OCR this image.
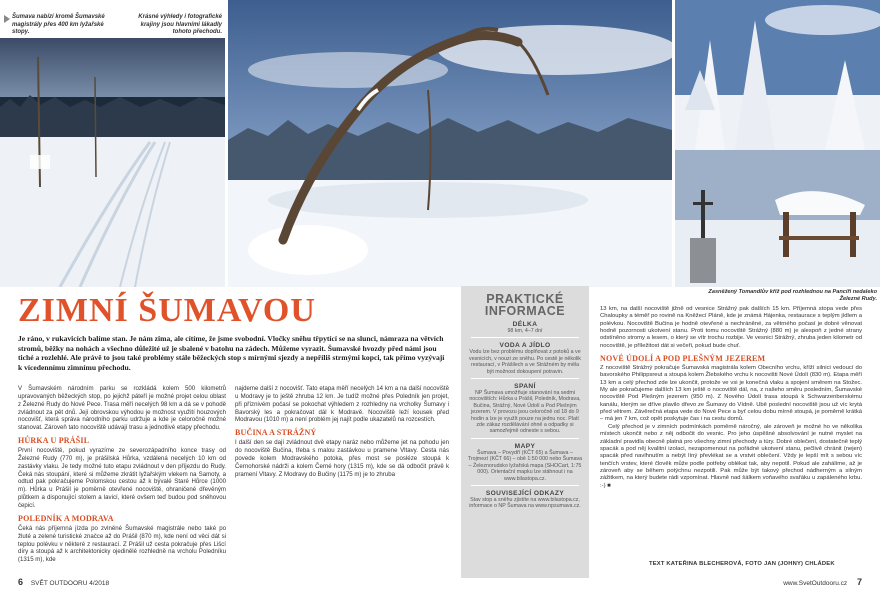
Šumava nabízí kromě Šumavské magistrály přes 400 km lyžařské stopy.
Krásné výhledy i fotografické krajiny jsou hlavními lákadly tohoto přechodu.
Zasněžený Tomandlův kříž pod rozhlednou na Pancíři nedaleko Železné Rudy.
ZIMNÍ ŠUMAVOU
Je ráno, v rukavicích balíme stan. Je nám zima, ale cítíme, že jsme svobodní. Vločky sněhu třpytící se na slunci, námraza na větvích stromů, běžky na nohách a všechno důležité už je sbalené v batohu na zádech. Můžeme vyrazit. Šumavské hvozdy před námi jsou tiché a rozlehlé. Ale právě to jsou také problémy stále běžeckých stop s mírnými sjezdy a nepříliš strmými kopci, tak přímo vyzývají k vícedennímu zimnímu přechodu.

V Šumavském národním parku se rozkládá kolem 500 kilometrů upravovaných běžeckých stop, po jejichž páteří je možné projet celou oblast z Železné Rudy do Nové Pece. Trasa měří necelých 98 km a dá se v pohodě zvládnout za pět dnů. Její obrovskou výhodou je možnost využití houzových nocovišť, která správa národního parku udržuje a kde je celoročně možné stanovat. Zároveň tato nocoviště udávají trasu a jednotlivé etapy přechodu.

HŮRKA U PRÁŠIL

První nocoviště, pokud vyrazíme ze severozápadního konce trasy od Železné Rudy (770 m), je prášilská Hůrka, vzdálená necelých 10 km od zastávky vlaku. Je tedy možné tuto etapu zvládnout v den příjezdu do Rudy. Čeká nás stoupání, které si můžeme zkrátit lyžařským vlekem na Samoty, a odtud pak pokračujeme Polomskou cestou až k bývalé Staré Hůrce (1000 m). Hůrka u Prášil je poměrně otevřené nocoviště, ohraničené dřevěným plůtkem a disponující stolem a lavicí, které ovšem teď budou pod sněhovou čepicí.

POLEDNÍK A MODRAVA

Čeká nás příjemná jízda po zvlněné Šumavské magistrále nebo také po žluté a zelené turistické značce až do Prášil (870 m), kde není od věci dát si teplou polévku v některé z restaurací. Z Prášil už cesta pokračuje přes Lišcí díry a stoupá až k architektonicky ojedinělé rozhledně na vrcholu Poledníku (1315 m), kde

najdeme další z nocovišť. Tato etapa měří necelých 14 km a na další nocoviště u Modravy je to ještě zhruba 12 km. Je tudíž možné přes Poledník jen projet, při příznivém počasí se pokochat výhledem z rozhledny na vrcholky Šumavy i Bavorský les a pokračovat dál k Modravě. Nocoviště leží kousek před Modravou (1010 m) a není problém jej najít podle ukazatelů na rozcestích.

BUČINA A STRÁŽNÝ

I další den se dají zvládnout dvě etapy naráz nebo můžeme jet na pohodu jen do nocoviště Bučina, třeba s malou zastávkou u pramene Vltavy. Cesta nás povede kolem Modravského potoka, přes most se posléze stoupá k Černohorské nádrži a kolem Černé hory (1315 m), kde se dá odbočit právě k pramení Vltavy. Z Modravy do Bučiny (1175 m) je to zhruba

PRAKTICKÉ INFORMACE
DÉLKA
98 km, 4–7 dní
VODA A JÍDLO
Vodu lze bez problému doplňovat z potoků a ve vesnicích, v nouzi ze sněhu. Po cestě je několik restaurací, v Prášilech a ve Strážném by měla být možnost dokoupení potravin.
SPANÍ
NP Šumava umožňuje stanování na sedmi nocovištích: Hůrka u Prášil, Poledník, Modrava, Bučina, Strážný, Nové Údolí a Pod Plešným jezerem. V provozu jsou celoročně od 18 do 9 hodin a lze je využít pouze na jednu noc. Platí zde zákaz rozdělávání ohně a odpadky si samozřejmě odneste s sebou.
MAPY
Šumava – Povydří (KČT 65) a Šumava – Trojmezí (KČT 66) – obě 1:50 000 nebo Šumava – Železnorudsko lyžařská mapa (SHOCart, 1:75 000). Orientační mapku lze stáhnout i na www.bilastopa.cz.
SOUVISEJÍCÍ ODKAZY
Stav stop a sněhu zjistíte na www.bilastopa.cz, informace o NP Šumava na www.npsumava.cz.

13 km, na další nocoviště jižně od vesnice Strážný pak dalších 15 km. Příjemná stopa vede přes Chaloupky a téměř po rovině na Kněžecí Pláně, kde je známá Hájenka, restaurace s teplým jídlem a polévkou. Nocoviště Bučina je hodně otevřené a nechráněné, za větrného počasí je dobré věnovat hodně pozornosti ukotvení stanu. Proti tomu nocoviště Strážný (880 m) je alespoň z jedné strany odstíněno stromy a lesem, o který se vítr trochu rozbije. Ve vesnici Strážný, zhruba jeden kilometr od nocoviště, je příležitost dát si večeři, pokud bude chuť.

NOVÉ ÚDOLÍ A POD PLEŠNÝM JEZEREM

Z nocoviště Strážný pokračuje Šumavská magistrála kolem Obecního vrchu, kříží silnici vedoucí do bavorského Philippsreut a stoupá kolem Žlebského vrchu k nocovišti Nové Údolí (830 m). Etapa měří 13 km a celý přechod zde lze ukončit, protože ve vsi je konečná vlaku a spojení směrem na Stožec. My ale pokračujeme dalších 13 km ještě o nocoviště dál, na, z našeho směru posledním, Šumavské nocoviště Pod Plešným jezerem (950 m). Z Nového Údolí trasa stoupá k Schwarzenberskému kanálu, kterým se dříve plavilo dřevo ze Šumavy do Vídně. Ubě poslední nocoviště jsou už víc krytá před větrem. Závěrečná etapa vede do Nové Pece a byť celou dobu mírně stoupá, je poměrně krátká – má jen 7 km, což opět poskytuje čas i na cestu domů.

Celý přechod je v zimních podmínkách poměrně náročný, ale zároveň je možné ho ve několika místech ukončit nebo z něj odbočit do vesnic. Pro jeho úspěšné absolvování je nutné myslet na základní pravidla obecně platná pro všechny zimní přechody a túry. Dobré oblečení, dostatečně teplý spacák a pod něj kvalitní izolaci, nezapomenout na pořádné ukotvení stanu, pečlivě chránit (nejen) spacák před navlhnutím a nebýt líný převlékat se a vrstvit oblečení. Vždy je lepší mít s sebou víc tenčích vrstev, které člověk může podle potřeby oblékat tak, aby nepotil. Pokud ale zahálíme, až je zároveň aby se během potýchnu nezpotili. Pak může být takový přechod nádherným a silným zážitkem, na který budete rádi vzpomínat. Hlavně nad šálkem voňavého svařáku u zapáleného krbu. :-) ■

TEXT KATEŘINA BLECHEROVÁ, FOTO JAN (JOHNY) CHLÁDEK
6 SVĚT OUTDOORU 4/2018	www.SvetOutdooru.cz 7
